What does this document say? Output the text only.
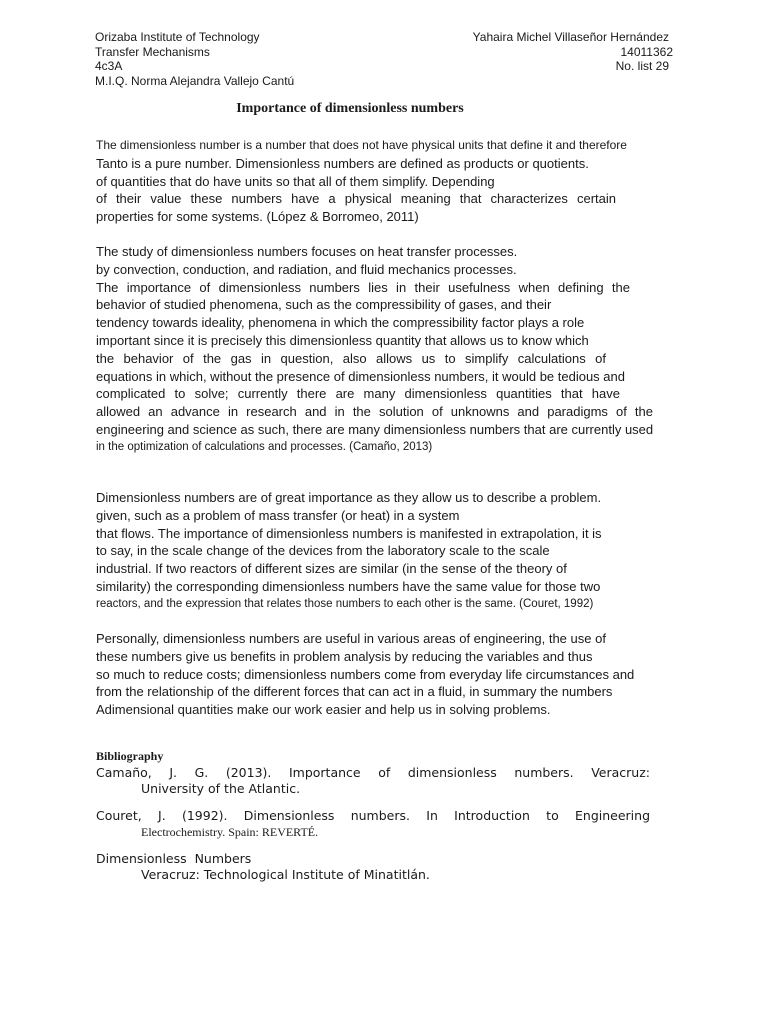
Orizaba Institute of Technology	Yahaira Michel Villaseñor Hernández
Transfer Mechanisms	14011362
4c3A	No. list 29
M.I.Q. Norma Alejandra Vallejo Cantú
Importance of dimensionless numbers
The dimensionless number is a number that does not have physical units that define it and therefore
Tanto is a pure number. Dimensionless numbers are defined as products or quotients.
of quantities that do have units so that all of them simplify. Depending
of their value these numbers have a physical meaning that characterizes certain
properties for some systems. (López & Borromeo, 2011)
The study of dimensionless numbers focuses on heat transfer processes.
by convection, conduction, and radiation, and fluid mechanics processes.
The importance of dimensionless numbers lies in their usefulness when defining the
behavior of studied phenomena, such as the compressibility of gases, and their
tendency towards ideality, phenomena in which the compressibility factor plays a role
important since it is precisely this dimensionless quantity that allows us to know which
the behavior of the gas in question, also allows us to simplify calculations of
equations in which, without the presence of dimensionless numbers, it would be tedious and
complicated to solve; currently there are many dimensionless quantities that have
allowed an advance in research and in the solution of unknowns and paradigms of the
engineering and science as such, there are many dimensionless numbers that are currently used
in the optimization of calculations and processes. (Camaño, 2013)
Dimensionless numbers are of great importance as they allow us to describe a problem.
given, such as a problem of mass transfer (or heat) in a system
that flows. The importance of dimensionless numbers is manifested in extrapolation, it is
to say, in the scale change of the devices from the laboratory scale to the scale
industrial. If two reactors of different sizes are similar (in the sense of the theory of
similarity) the corresponding dimensionless numbers have the same value for those two
reactors, and the expression that relates those numbers to each other is the same. (Couret, 1992)
Personally, dimensionless numbers are useful in various areas of engineering, the use of
these numbers give us benefits in problem analysis by reducing the variables and thus
so much to reduce costs; dimensionless numbers come from everyday life circumstances and
from the relationship of the different forces that can act in a fluid, in summary the numbers
Adimensional quantities make our work easier and help us in solving problems.
Bibliography
Camaño, J. G. (2013). Importance of dimensionless numbers. Veracruz:
University of the Atlantic.
Couret, J. (1992). Dimensionless numbers. In Introduction to Engineering
Electrochemistry. Spain: REVERTÉ.
Dimensionless  Numbers
Veracruz: Technological Institute of Minatitlán.
